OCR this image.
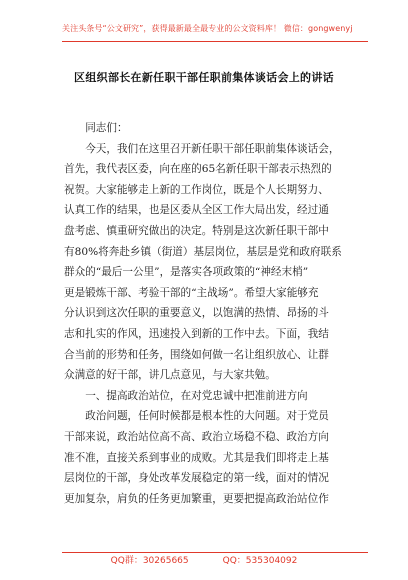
关注头条号“公文研究”，获得最新最全最专业的公文资料库！ 微信：gongwenyj
区组织部长在新任职干部任职前集体谈话会上的讲话
同志们：
今天，我们在这里召开新任职干部任职前集体谈话会，
首先，我代表区委，向在座的65名新任职干部表示热烈的
祝贺。大家能够走上新的工作岗位，既是个人长期努力、
认真工作的结果，也是区委从全区工作大局出发，经过通
盘考虑、慎重研究做出的决定。特别是这次新任职干部中
有80%将奔赴乡镇（街道）基层岗位，基层是党和政府联系
群众的“最后一公里”，是落实各项政策的“神经末梢”
更是锻炼干部、考验干部的“主战场”。希望大家能够充
分认识到这次任职的重要意义，以饱满的热情、昂扬的斗
志和扎实的作风，迅速投入到新的工作中去。下面，我结
合当前的形势和任务，围绕如何做一名让组织放心、让群
众满意的好干部，讲几点意见，与大家共勉。
一、提高政治站位，在对党忠诚中把准前进方向
政治问题，任何时候都是根本性的大问题。对于党员
干部来说，政治站位高不高、政治立场稳不稳、政治方向
准不准，直接关系到事业的成败。尤其是我们即将走上基
层岗位的干部，身处改革发展稳定的第一线，面对的情况
更加复杂，肩负的任务更加繁重，更要把提高政治站位作
QQ群：30265665	QQ：535304092
